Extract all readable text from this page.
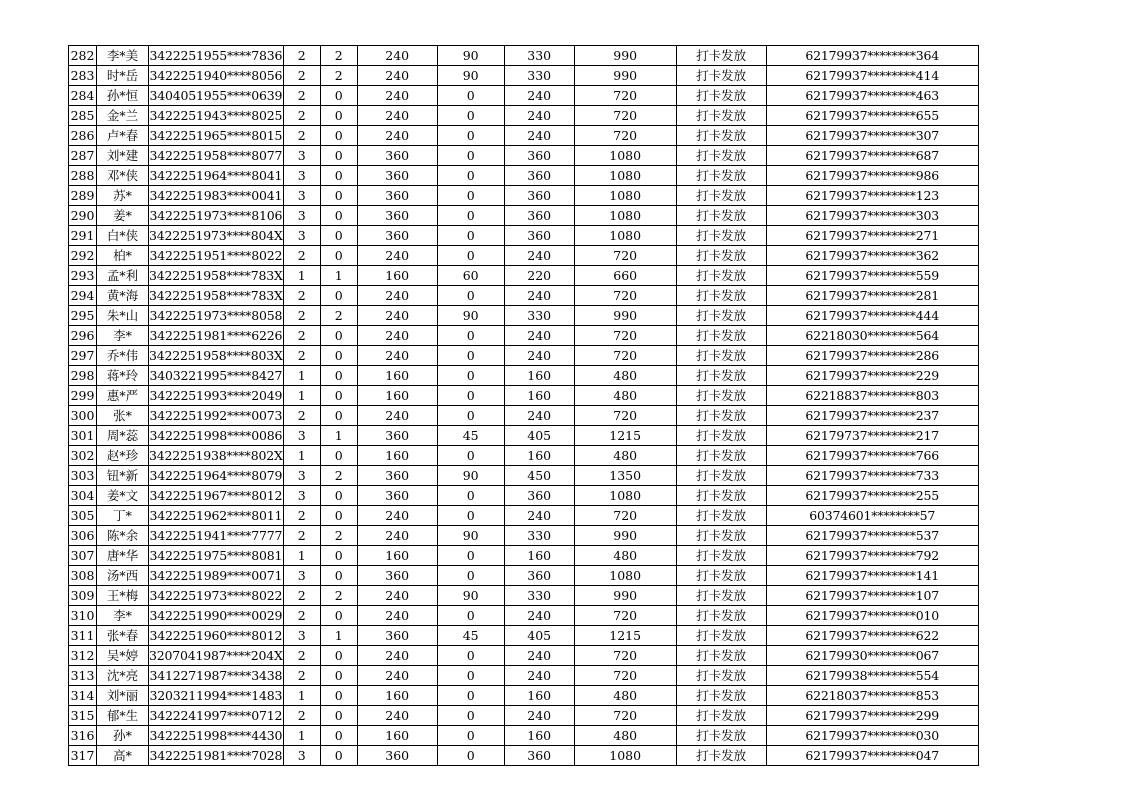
282	李*美	3422251955****7836	2	2	240	90	330	990	打卡发放	62179937********364
283	时*岳	3422251940****8056	2	2	240	90	330	990	打卡发放	62179937********414
284	孙*恒	3404051955****0639	2	0	240	0	240	720	打卡发放	62179937********463
285	金*兰	3422251943****8025	2	0	240	0	240	720	打卡发放	62179937********655
286	卢*春	3422251965****8015	2	0	240	0	240	720	打卡发放	62179937********307
287	刘*建	3422251958****8077	3	0	360	0	360	1080	打卡发放	62179937********687
288	邓*侠	3422251964****8041	3	0	360	0	360	1080	打卡发放	62179937********986
289	苏*	3422251983****0041	3	0	360	0	360	1080	打卡发放	62179937********123
290	姜*	3422251973****8106	3	0	360	0	360	1080	打卡发放	62179937********303
291	白*侠	3422251973****804X	3	0	360	0	360	1080	打卡发放	62179937********271
292	柏*	3422251951****8022	2	0	240	0	240	720	打卡发放	62179937********362
293	孟*利	3422251958****783X	1	1	160	60	220	660	打卡发放	62179937********559
294	黄*海	3422251958****783X	2	0	240	0	240	720	打卡发放	62179937********281
295	朱*山	3422251973****8058	2	2	240	90	330	990	打卡发放	62179937********444
296	李*	3422251981****6226	2	0	240	0	240	720	打卡发放	62218030********564
297	乔*伟	3422251958****803X	2	0	240	0	240	720	打卡发放	62179937********286
298	蒋*玲	3403221995****8427	1	0	160	0	160	480	打卡发放	62179937********229
299	惠*严	3422251993****2049	1	0	160	0	160	480	打卡发放	62218837********803
300	张*	3422251992****0073	2	0	240	0	240	720	打卡发放	62179937********237
301	周*蕊	3422251998****0086	3	1	360	45	405	1215	打卡发放	62179737********217
302	赵*珍	3422251938****802X	1	0	160	0	160	480	打卡发放	62179937********766
303	钮*新	3422251964****8079	3	2	360	90	450	1350	打卡发放	62179937********733
304	姜*文	3422251967****8012	3	0	360	0	360	1080	打卡发放	62179937********255
305	丁*	3422251962****8011	2	0	240	0	240	720	打卡发放	60374601********57
306	陈*余	3422251941****7777	2	2	240	90	330	990	打卡发放	62179937********537
307	唐*华	3422251975****8081	1	0	160	0	160	480	打卡发放	62179937********792
308	汤*西	3422251989****0071	3	0	360	0	360	1080	打卡发放	62179937********141
309	王*梅	3422251973****8022	2	2	240	90	330	990	打卡发放	62179937********107
310	李*	3422251990****0029	2	0	240	0	240	720	打卡发放	62179937********010
311	张*春	3422251960****8012	3	1	360	45	405	1215	打卡发放	62179937********622
312	吴*婷	3207041987****204X	2	0	240	0	240	720	打卡发放	62179930********067
313	沈*亮	3412271987****3438	2	0	240	0	240	720	打卡发放	62179938********554
314	刘*丽	3203211994****1483	1	0	160	0	160	480	打卡发放	62218037********853
315	郁*生	3422241997****0712	2	0	240	0	240	720	打卡发放	62179937********299
316	孙*	3422251998****4430	1	0	160	0	160	480	打卡发放	62179937********030
317	高*	3422251981****7028	3	0	360	0	360	1080	打卡发放	62179937********047
